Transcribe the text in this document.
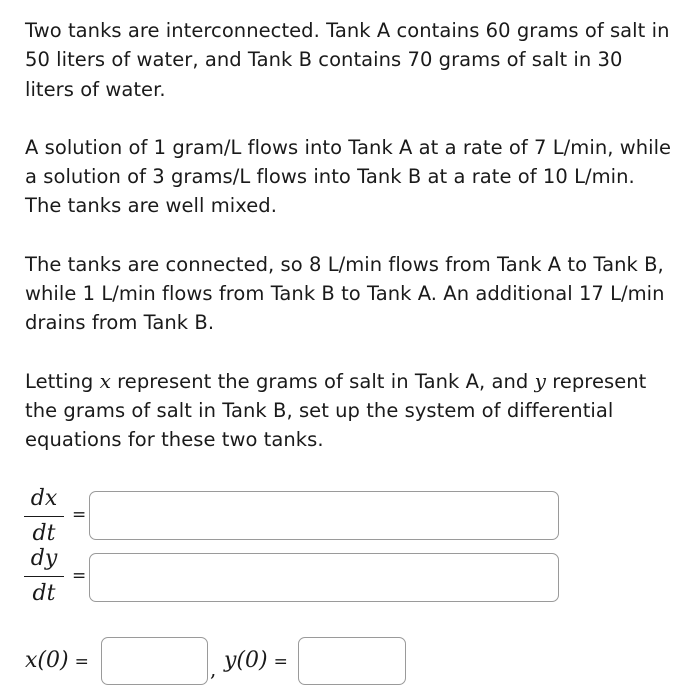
Two tanks are interconnected. Tank A contains 60 grams of salt in 50 liters of water, and Tank B contains 70 grams of salt in 30 liters of water.

A solution of 1 gram/L flows into Tank A at a rate of 7 L/min, while a solution of 3 grams/L flows into Tank B at a rate of 10 L/min. The tanks are well mixed.

The tanks are connected, so 8 L/min flows from Tank A to Tank B, while 1 L/min flows from Tank B to Tank A. An additional 17 L/min drains from Tank B.

Letting x represent the grams of salt in Tank A, and y represent the grams of salt in Tank B, set up the system of differential equations for these two tanks.

dx
dt
=
dy
dt
=
x(0) =	, y(0) =
